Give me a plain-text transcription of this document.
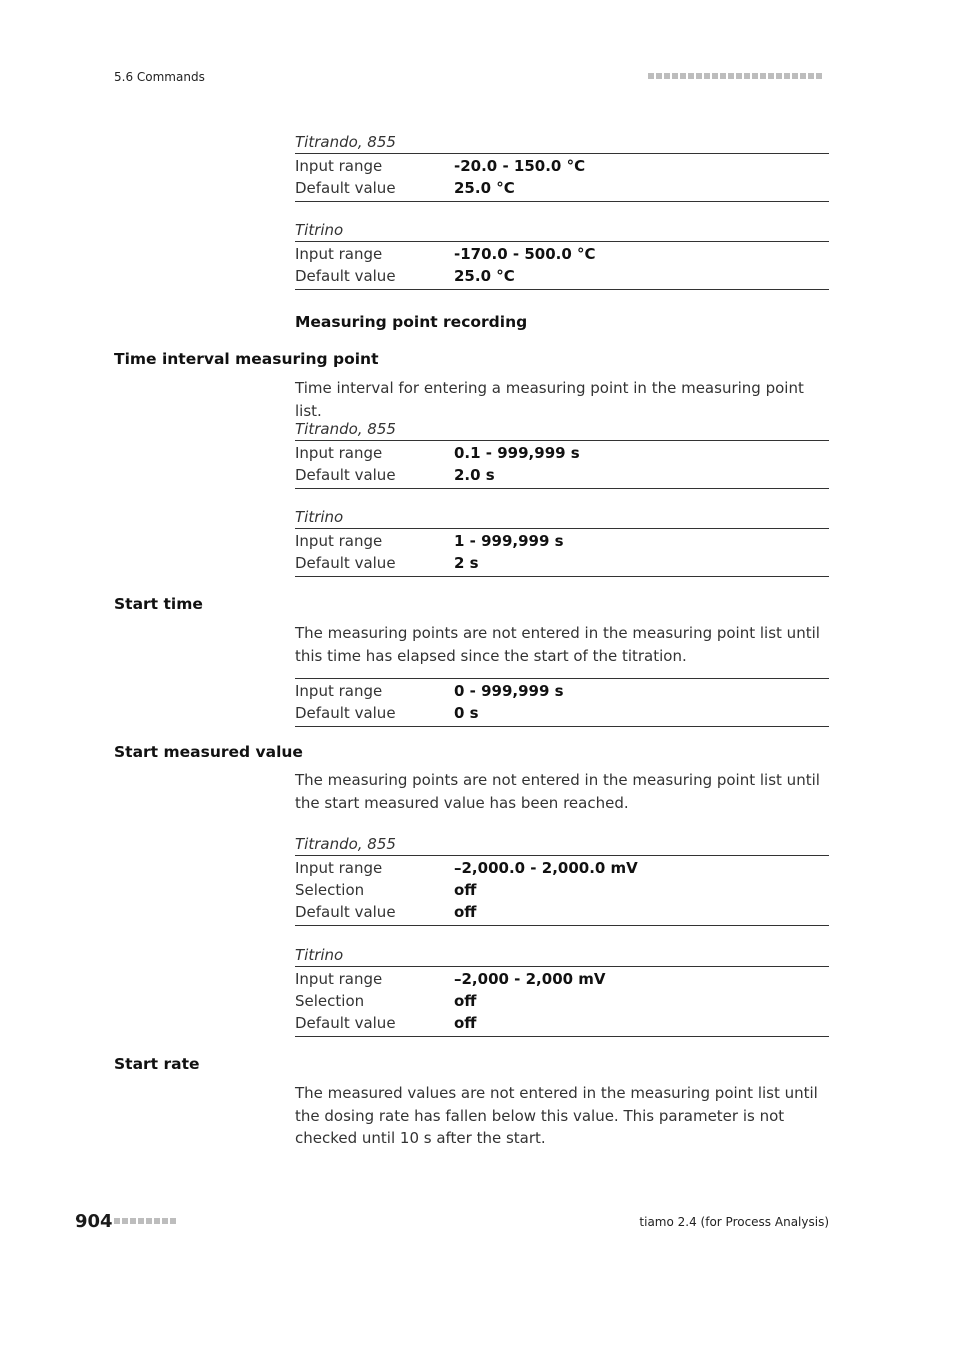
5.6 Commands
Titrando, 855
Input range	-20.0 - 150.0 °C
Default value	25.0 °C
Titrino
Input range	-170.0 - 500.0 °C
Default value	25.0 °C
Measuring point recording
Time interval measuring point
Time interval for entering a measuring point in the measuring point list.
Titrando, 855
Input range	0.1 - 999,999 s
Default value	2.0 s
Titrino
Input range	1 - 999,999 s
Default value	2 s
Start time
The measuring points are not entered in the measuring point list until this time has elapsed since the start of the titration.
Input range	0 - 999,999 s
Default value	0 s
Start measured value
The measuring points are not entered in the measuring point list until the start measured value has been reached.
Titrando, 855
Input range	–2,000.0 - 2,000.0 mV
Selection	off
Default value	off
Titrino
Input range	–2,000 - 2,000 mV
Selection	off
Default value	off
Start rate
The measured values are not entered in the measuring point list until the dosing rate has fallen below this value. This parameter is not checked until 10 s after the start.
904	tiamo 2.4 (for Process Analysis)
